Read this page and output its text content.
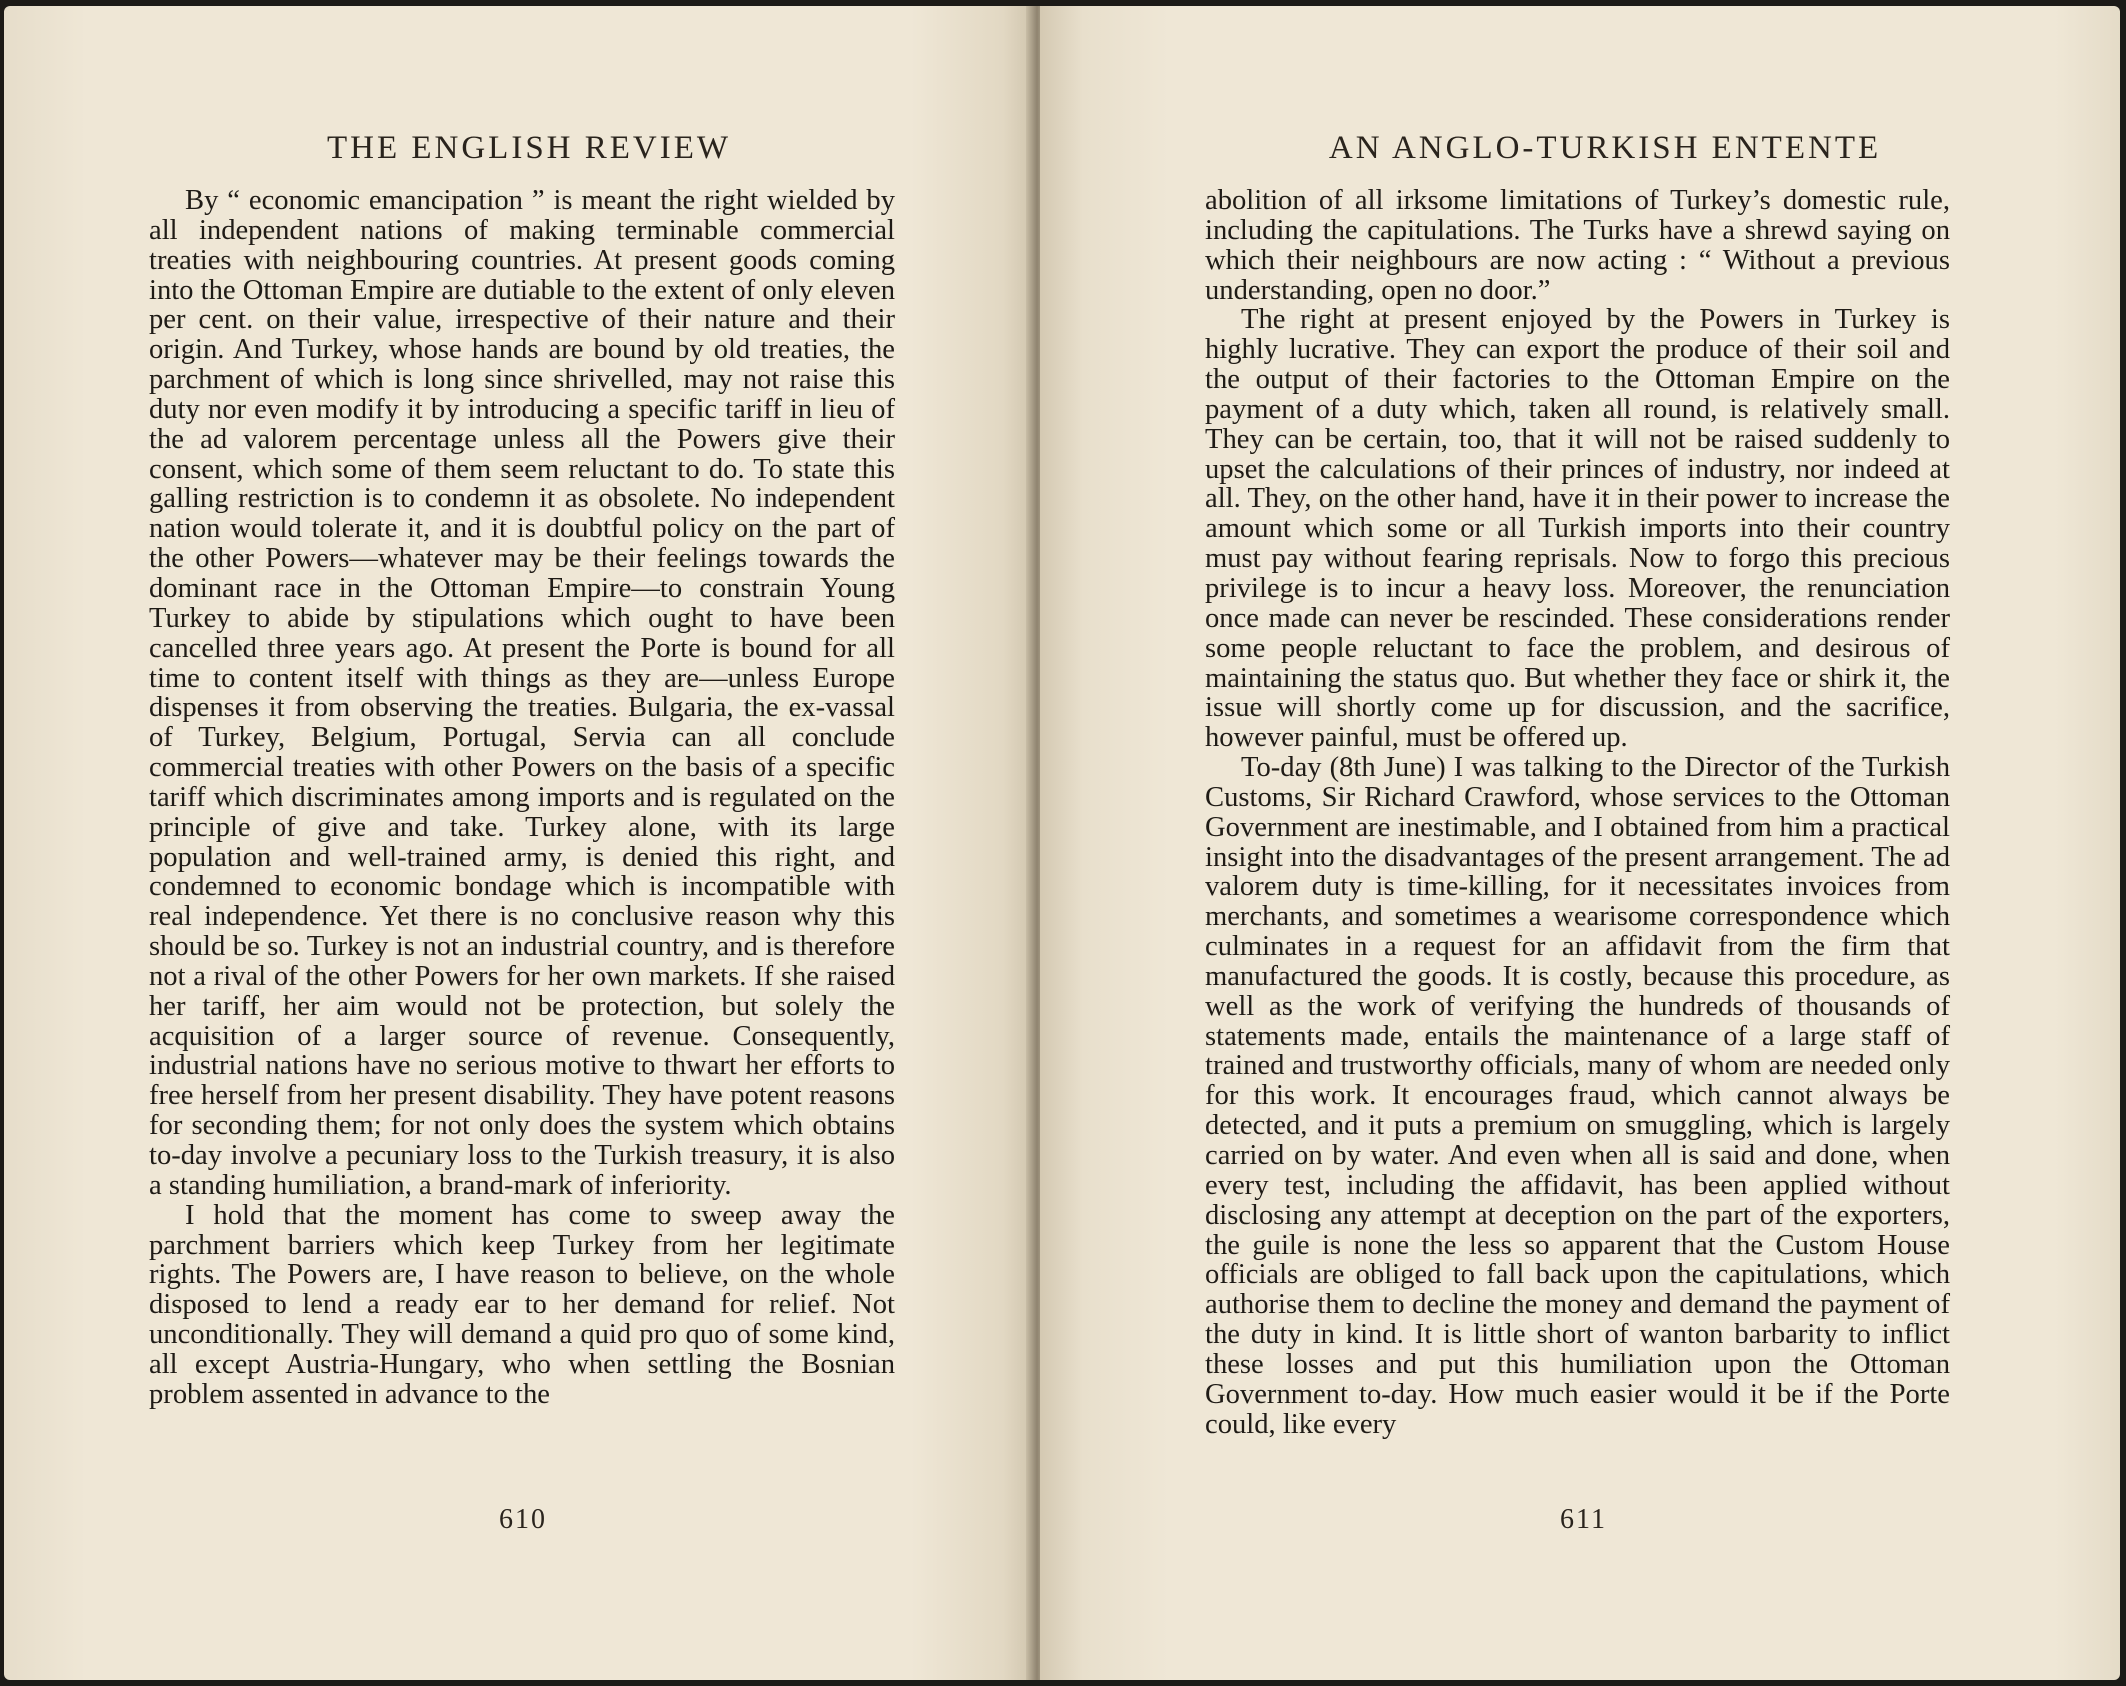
THE ENGLISH REVIEW

By “ economic emancipation ” is meant the right wielded by all independent nations of making terminable commercial treaties with neighbouring countries. At present goods coming into the Ottoman Empire are dutiable to the extent of only eleven per cent. on their value, irrespective of their nature and their origin. And Turkey, whose hands are bound by old treaties, the parchment of which is long since shrivelled, may not raise this duty nor even modify it by introducing a specific tariff in lieu of the ad valorem percentage unless all the Powers give their consent, which some of them seem reluctant to do. To state this galling restriction is to condemn it as obsolete. No independent nation would tolerate it, and it is doubtful policy on the part of the other Powers—whatever may be their feelings towards the dominant race in the Ottoman Empire—to constrain Young Turkey to abide by stipulations which ought to have been cancelled three years ago. At present the Porte is bound for all time to content itself with things as they are—unless Europe dispenses it from observing the treaties. Bulgaria, the ex-vassal of Turkey, Belgium, Portugal, Servia can all conclude commercial treaties with other Powers on the basis of a specific tariff which discriminates among imports and is regulated on the principle of give and take. Turkey alone, with its large population and well-trained army, is denied this right, and condemned to economic bondage which is incompatible with real independence. Yet there is no conclusive reason why this should be so. Turkey is not an industrial country, and is therefore not a rival of the other Powers for her own markets. If she raised her tariff, her aim would not be protection, but solely the acquisition of a larger source of revenue. Consequently, industrial nations have no serious motive to thwart her efforts to free herself from her present disability. They have potent reasons for seconding them; for not only does the system which obtains to-day involve a pecuniary loss to the Turkish treasury, it is also a standing humiliation, a brand-mark of inferiority.

I hold that the moment has come to sweep away the parchment barriers which keep Turkey from her legitimate rights. The Powers are, I have reason to believe, on the whole disposed to lend a ready ear to her demand for relief. Not unconditionally. They will demand a quid pro quo of some kind, all except Austria-Hungary, who when settling the Bosnian problem assented in advance to the

610
AN ANGLO-TURKISH ENTENTE

abolition of all irksome limitations of Turkey’s domestic rule, including the capitulations. The Turks have a shrewd saying on which their neighbours are now acting : “ Without a previous understanding, open no door.”

The right at present enjoyed by the Powers in Turkey is highly lucrative. They can export the produce of their soil and the output of their factories to the Ottoman Empire on the payment of a duty which, taken all round, is relatively small. They can be certain, too, that it will not be raised suddenly to upset the calculations of their princes of industry, nor indeed at all. They, on the other hand, have it in their power to increase the amount which some or all Turkish imports into their country must pay without fearing reprisals. Now to forgo this precious privilege is to incur a heavy loss. Moreover, the renunciation once made can never be rescinded. These considerations render some people reluctant to face the problem, and desirous of maintaining the status quo. But whether they face or shirk it, the issue will shortly come up for discussion, and the sacrifice, however painful, must be offered up.

To-day (8th June) I was talking to the Director of the Turkish Customs, Sir Richard Crawford, whose services to the Ottoman Government are inestimable, and I obtained from him a practical insight into the disadvantages of the present arrangement. The ad valorem duty is time-killing, for it necessitates invoices from merchants, and sometimes a wearisome correspondence which culminates in a request for an affidavit from the firm that manufactured the goods. It is costly, because this procedure, as well as the work of verifying the hundreds of thousands of statements made, entails the maintenance of a large staff of trained and trustworthy officials, many of whom are needed only for this work. It encourages fraud, which cannot always be detected, and it puts a premium on smuggling, which is largely carried on by water. And even when all is said and done, when every test, including the affidavit, has been applied without disclosing any attempt at deception on the part of the exporters, the guile is none the less so apparent that the Custom House officials are obliged to fall back upon the capitulations, which authorise them to decline the money and demand the payment of the duty in kind. It is little short of wanton barbarity to inflict these losses and put this humiliation upon the Ottoman Government to-day. How much easier would it be if the Porte could, like every

611
